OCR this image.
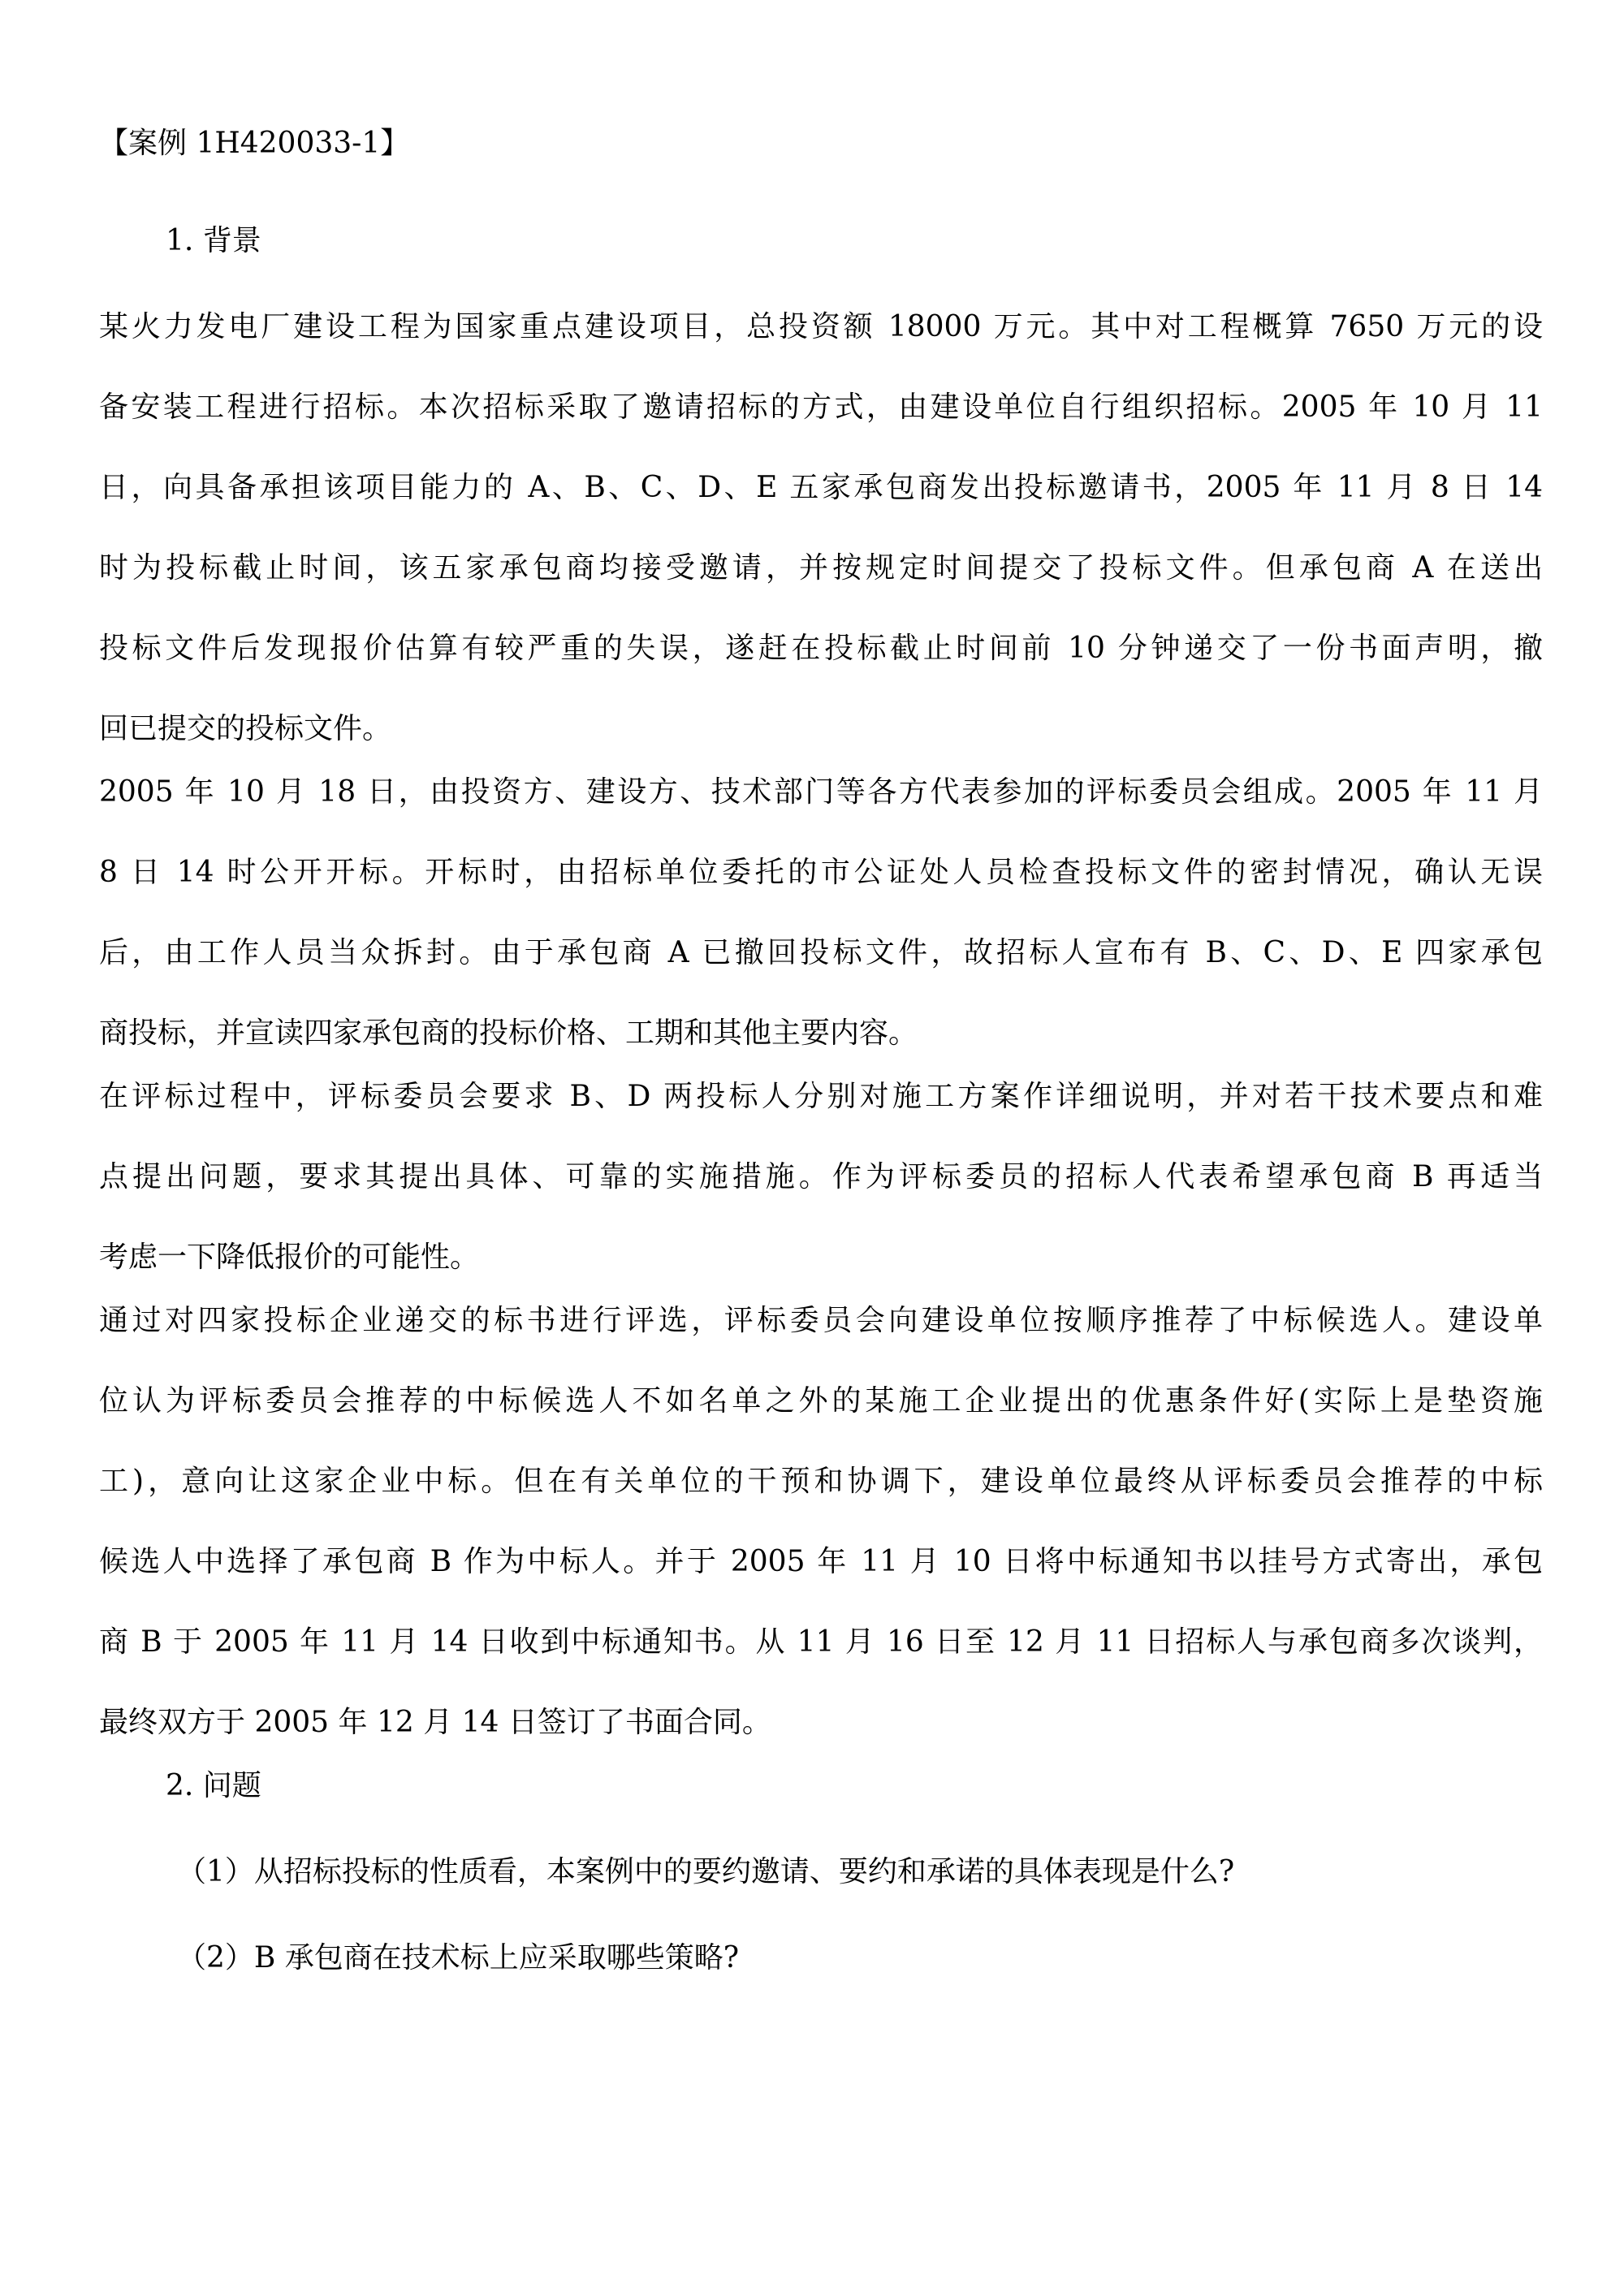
【案例 1H420033-1】
1. 背景
某火力发电厂建设工程为国家重点建设项目，总投资额 18000 万元。其中对工程概算 7650 万元的设
备安装工程进行招标。本次招标采取了邀请招标的方式，由建设单位自行组织招标。2005 年 10 月 11
日，向具备承担该项目能力的 A、B、C、D、E 五家承包商发出投标邀请书，2005 年 11 月 8 日 14
时为投标截止时间，该五家承包商均接受邀请，并按规定时间提交了投标文件。但承包商 A 在送出
投标文件后发现报价估算有较严重的失误，遂赶在投标截止时间前 10 分钟递交了一份书面声明，撤
回已提交的投标文件。
2005 年 10 月 18 日，由投资方、建设方、技术部门等各方代表参加的评标委员会组成。2005 年 11 月
8 日 14 时公开开标。开标时，由招标单位委托的市公证处人员检查投标文件的密封情况，确认无误
后，由工作人员当众拆封。由于承包商 A 已撤回投标文件，故招标人宣布有 B、C、D、E 四家承包
商投标，并宣读四家承包商的投标价格、工期和其他主要内容。
在评标过程中，评标委员会要求 B、D 两投标人分别对施工方案作详细说明，并对若干技术要点和难
点提出问题，要求其提出具体、可靠的实施措施。作为评标委员的招标人代表希望承包商 B 再适当
考虑一下降低报价的可能性。
通过对四家投标企业递交的标书进行评选，评标委员会向建设单位按顺序推荐了中标候选人。建设单
位认为评标委员会推荐的中标候选人不如名单之外的某施工企业提出的优惠条件好(实际上是垫资施
工)，意向让这家企业中标。但在有关单位的干预和协调下，建设单位最终从评标委员会推荐的中标
候选人中选择了承包商 B 作为中标人。并于 2005 年 11 月 10 日将中标通知书以挂号方式寄出，承包
商 B 于 2005 年 11 月 14 日收到中标通知书。从 11 月 16 日至 12 月 11 日招标人与承包商多次谈判，
最终双方于 2005 年 12 月 14 日签订了书面合同。
2. 问题
（1）从招标投标的性质看，本案例中的要约邀请、要约和承诺的具体表现是什么?
（2）B 承包商在技术标上应采取哪些策略?
